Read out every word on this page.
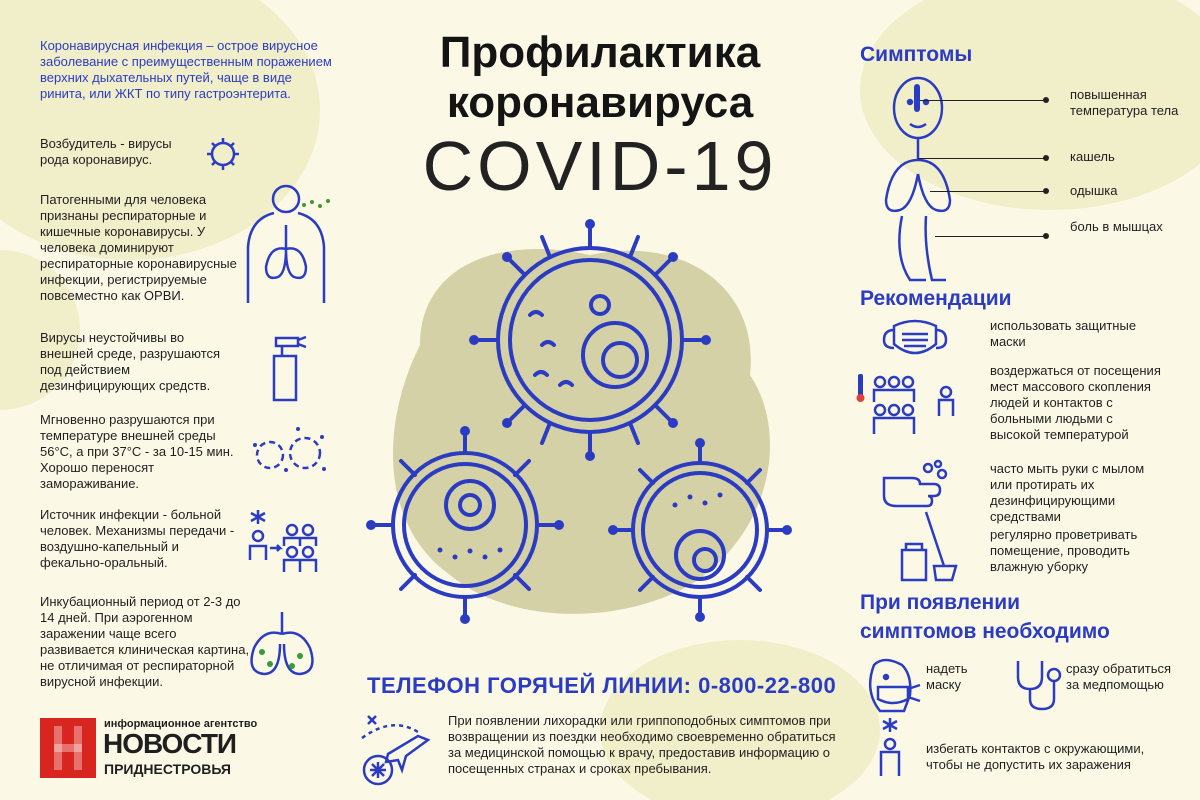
Профилактика

коронавируса

COVID-19

Коронавирусная инфекция – острое вирусное заболевание с преимущественным поражением верхних дыхательных путей, чаще в виде ринита, или ЖКТ по типу гастроэнтерита.

Возбудитель - вирусы рода коронавирус.

Патогенными для человека признаны респираторные и кишечные коронавирусы. У человека доминируют респираторные коронавирусные инфекции, регистрируемые повсеместно как ОРВИ.

Вирусы неустойчивы во внешней среде, разрушаются под действием дезинфицирующих средств.

Мгновенно разрушаются при температуре внешней среды 56°С, а при 37°С - за 10-15 мин. Хорошо переносят замораживание.

Источник инфекции - больной человек. Механизмы передачи - воздушно-капельный и фекально-оральный.

Инкубационный период от 2-3 до 14 дней. При аэрогенном заражении чаще всего развивается клиническая картина, не отличимая от респираторной вирусной инфекции.

информационное агентство

НОВОСТИ

ПРИДНЕСТРОВЬЯ

ТЕЛЕФОН ГОРЯЧЕЙ ЛИНИИ: 0-800-22-800

При появлении лихорадки или гриппоподобных симптомов при возвращении из поездки необходимо своевременно обратиться за медицинской помощью к врачу, предоставив информацию о посещенных странах и сроках пребывания.

Симптомы

повышенная температура тела

кашель

одышка

боль в мышцах

Рекомендации

использовать защитные маски

воздержаться от посещения мест массового скопления людей и контактов с больными людьми с высокой температурой

часто мыть руки с мылом или протирать их дезинфицирующими средствами

регулярно проветривать помещение, проводить влажную уборку

При появлении

симптомов необходимо

надеть маску

сразу обратиться за медпомощью

избегать контактов с окружающими, чтобы не допустить их заражения
